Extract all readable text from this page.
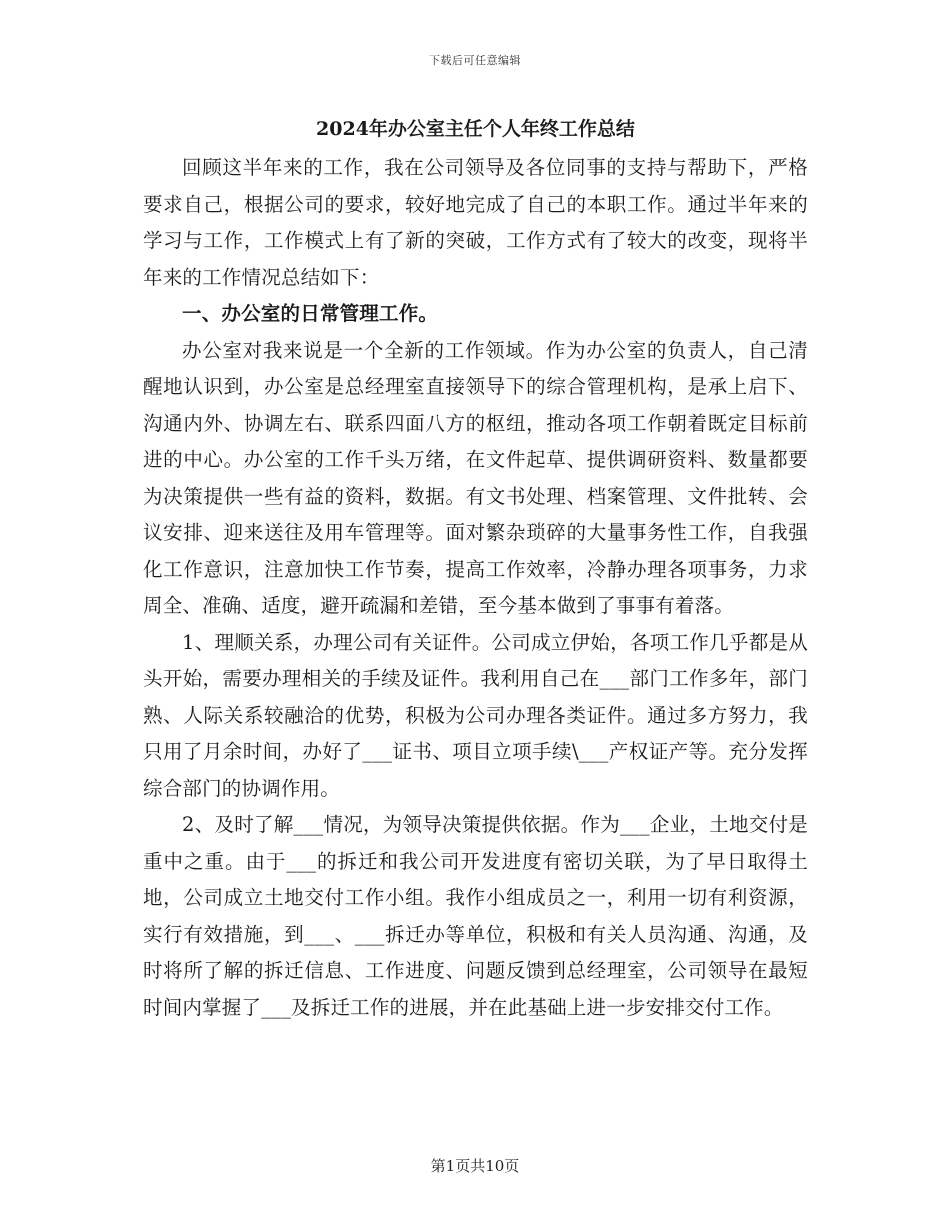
下载后可任意编辑
2024年办公室主任个人年终工作总结

回顾这半年来的工作，我在公司领导及各位同事的支持与帮助下，严格要求自己，根据公司的要求，较好地完成了自己的本职工作。通过半年来的学习与工作，工作模式上有了新的突破，工作方式有了较大的改变，现将半年来的工作情况总结如下：

一、办公室的日常管理工作。

办公室对我来说是一个全新的工作领域。作为办公室的负责人，自己清醒地认识到，办公室是总经理室直接领导下的综合管理机构，是承上启下、沟通内外、协调左右、联系四面八方的枢纽，推动各项工作朝着既定目标前进的中心。办公室的工作千头万绪，在文件起草、提供调研资料、数量都要为决策提供一些有益的资料，数据。有文书处理、档案管理、文件批转、会议安排、迎来送往及用车管理等。面对繁杂琐碎的大量事务性工作，自我强化工作意识，注意加快工作节奏，提高工作效率，冷静办理各项事务，力求周全、准确、适度，避开疏漏和差错，至今基本做到了事事有着落。

1、理顺关系，办理公司有关证件。公司成立伊始，各项工作几乎都是从头开始，需要办理相关的手续及证件。我利用自己在___部门工作多年，部门熟、人际关系较融洽的优势，积极为公司办理各类证件。通过多方努力，我只用了月余时间，办好了___证书、项目立项手续\___产权证产等。充分发挥综合部门的协调作用。

2、及时了解___情况，为领导决策提供依据。作为___企业，土地交付是重中之重。由于___的拆迁和我公司开发进度有密切关联，为了早日取得土地，公司成立土地交付工作小组。我作小组成员之一，利用一切有利资源，实行有效措施，到___、___拆迁办等单位，积极和有关人员沟通、沟通，及时将所了解的拆迁信息、工作进度、问题反馈到总经理室，公司领导在最短时间内掌握了___及拆迁工作的进展，并在此基础上进一步安排交付工作。

第1页共10页
